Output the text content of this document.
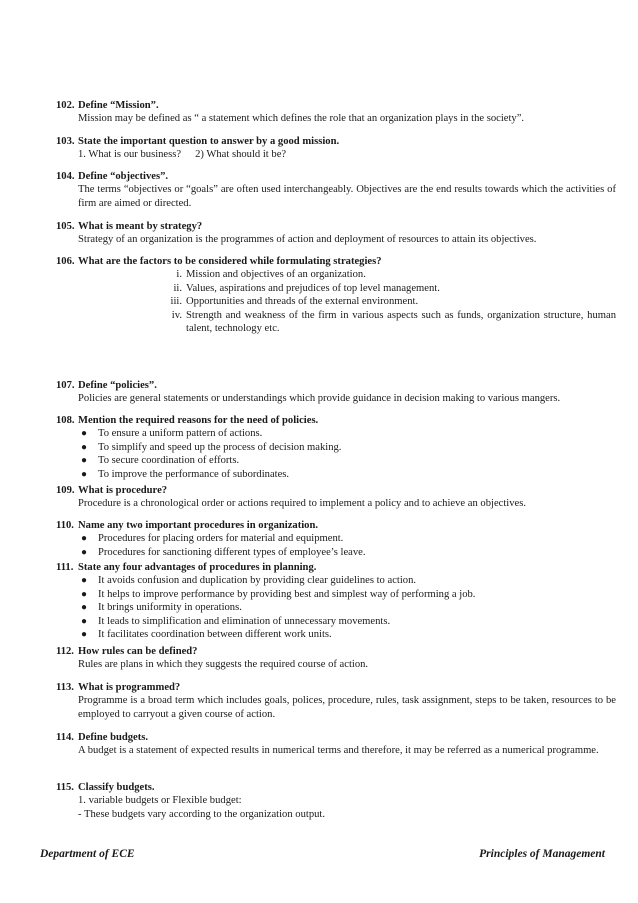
102. Define “Mission”.
Mission may be defined as “ a statement which defines the role that an organization plays in the society”.
103. State the important question to answer by a good mission.
1. What is our business? 2) What should it be?
104. Define “objectives”.
The terms “objectives or “goals” are often used interchangeably. Objectives are the end results towards which the activities of firm are aimed or directed.
105. What is meant by strategy?
Strategy of an organization is the programmes of action and deployment of resources to attain its objectives.
106. What are the factors to be considered while formulating strategies?
i. Mission and objectives of an organization.
ii. Values, aspirations and prejudices of top level management.
iii. Opportunities and threads of the external environment.
iv. Strength and weakness of the firm in various aspects such as funds, organization structure, human talent, technology etc.
107. Define “policies”.
Policies are general statements or understandings which provide guidance in decision making to various mangers.
108. Mention the required reasons for the need of policies.
● To ensure a uniform pattern of actions.
● To simplify and speed up the process of decision making.
● To secure coordination of efforts.
● To improve the performance of subordinates.
109. What is procedure?
Procedure is a chronological order or actions required to implement a policy and to achieve an objectives.
110. Name any two important procedures in organization.
● Procedures for placing orders for material and equipment.
● Procedures for sanctioning different types of employee’s leave.
111. State any four advantages of procedures in planning.
● It avoids confusion and duplication by providing clear guidelines to action.
● It helps to improve performance by providing best and simplest way of performing a job.
● It brings uniformity in operations.
● It leads to simplification and elimination of unnecessary movements.
● It facilitates coordination between different work units.
112. How rules can be defined?
Rules are plans in which they suggests the required course of action.
113. What is programmed?
Programme is a broad term which includes goals, polices, procedure, rules, task assignment, steps to be taken, resources to be employed to carryout a given course of action.
114. Define budgets.
A budget is a statement of expected results in numerical terms and therefore, it may be referred as a numerical programme.
115. Classify budgets.
1. variable budgets or Flexible budget:
- These budgets vary according to the organization output.
Department of ECE	Principles of Management
